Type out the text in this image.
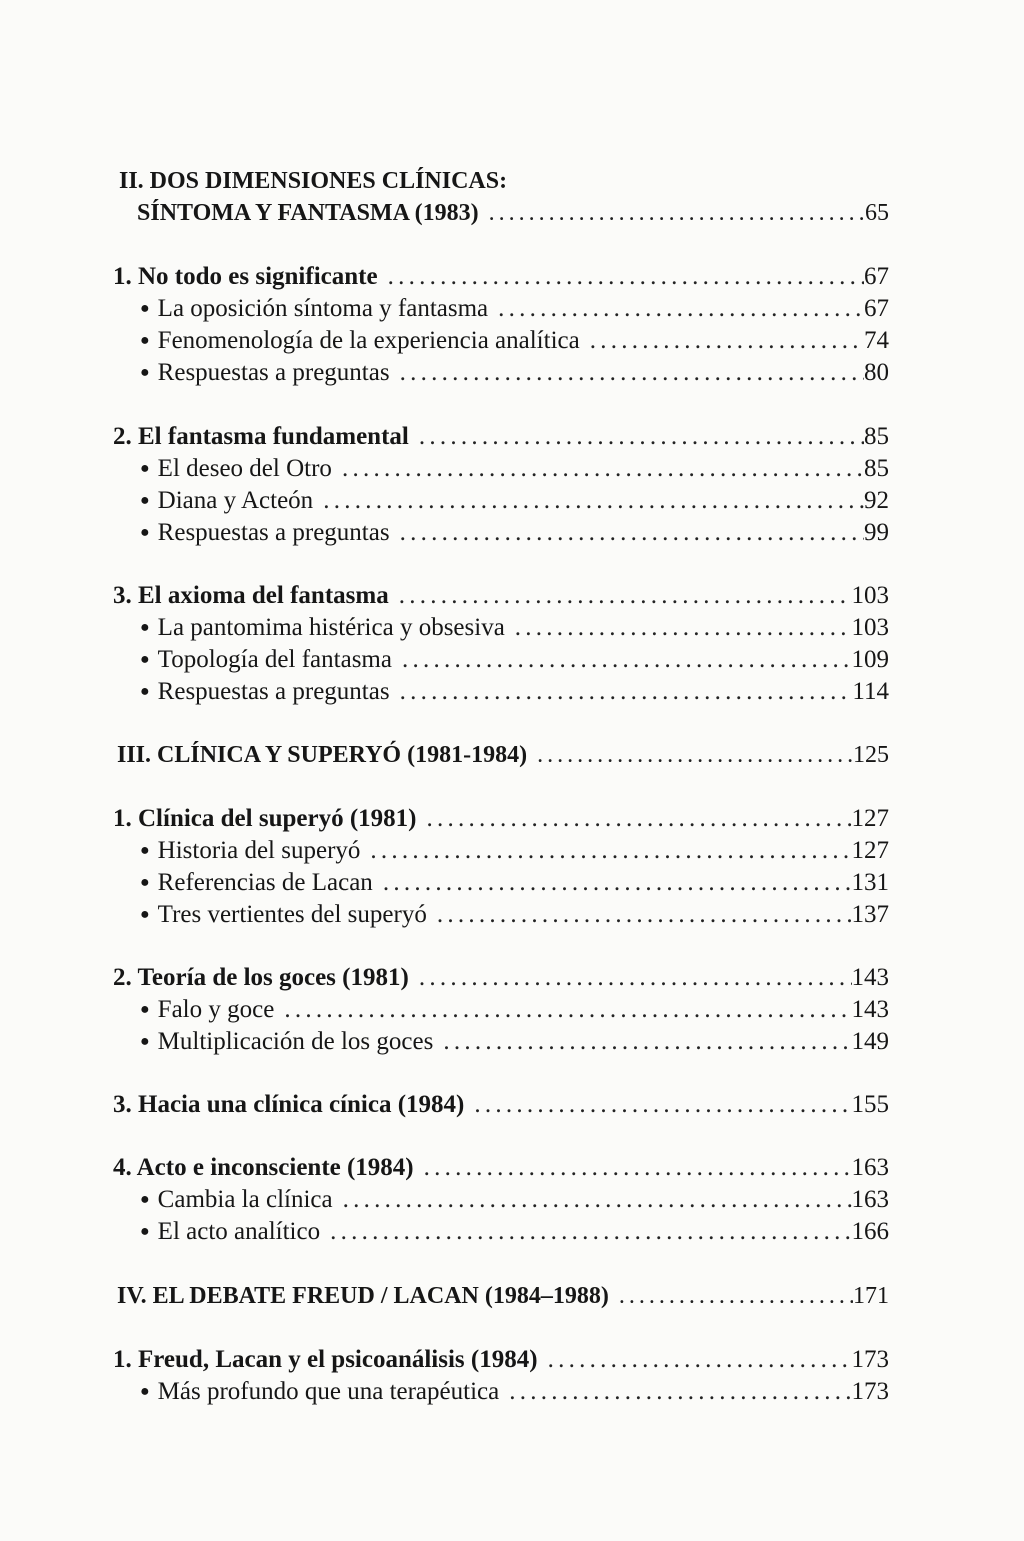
II. DOS DIMENSIONES CLÍNICAS:
SÍNTOMA Y FANTASMA (1983) . . .	65
1. No todo es significante . . .	67
● La oposición síntoma y fantasma . . .	67
● Fenomenología de la experiencia analítica . . .	74
● Respuestas a preguntas . . .	80
2. El fantasma fundamental . . .	85
● El deseo del Otro . . .	85
● Diana y Acteón . . .	92
● Respuestas a preguntas . . .	99
3. El axioma del fantasma . . .	103
● La pantomima histérica y obsesiva . . .	103
● Topología del fantasma . . .	109
● Respuestas a preguntas . . .	114
III. CLÍNICA Y SUPERYÓ (1981-1984) . . .	125
1. Clínica del superyó (1981) . . .	127
● Historia del superyó . . .	127
● Referencias de Lacan . . .	131
● Tres vertientes del superyó . . .	137
2. Teoría de los goces (1981) . . .	143
● Falo y goce . . .	143
● Multiplicación de los goces . . .	149
3. Hacia una clínica cínica (1984) . . .	155
4. Acto e inconsciente (1984) . . .	163
● Cambia la clínica . . .	163
● El acto analítico . . .	166
IV. EL DEBATE FREUD / LACAN (1984–1988) . . .	171
1. Freud, Lacan y el psicoanálisis (1984) . . .	173
● Más profundo que una terapéutica . . .	173
